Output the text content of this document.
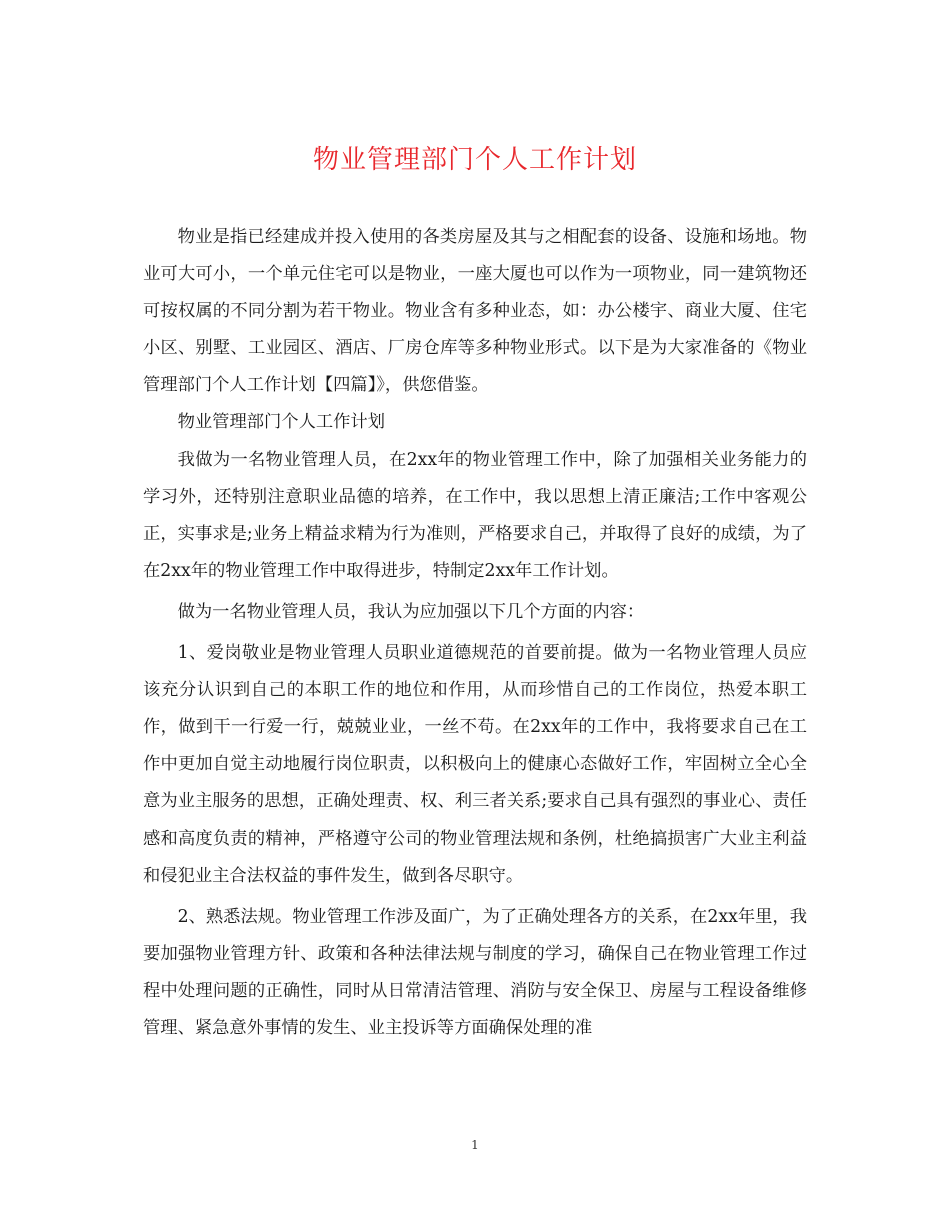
物业管理部门个人工作计划

物业是指已经建成并投入使用的各类房屋及其与之相配套的设备、设施和场地。物业可大可小，一个单元住宅可以是物业，一座大厦也可以作为一项物业，同一建筑物还可按权属的不同分割为若干物业。物业含有多种业态，如：办公楼宇、商业大厦、住宅小区、别墅、工业园区、酒店、厂房仓库等多种物业形式。以下是为大家准备的《物业管理部门个人工作计划【四篇】》，供您借鉴。

物业管理部门个人工作计划

我做为一名物业管理人员，在2xx年的物业管理工作中，除了加强相关业务能力的学习外，还特别注意职业品德的培养，在工作中，我以思想上清正廉洁;工作中客观公正，实事求是;业务上精益求精为行为准则，严格要求自己，并取得了良好的成绩，为了在2xx年的物业管理工作中取得进步，特制定2xx年工作计划。

做为一名物业管理人员，我认为应加强以下几个方面的内容：

1、爱岗敬业是物业管理人员职业道德规范的首要前提。做为一名物业管理人员应该充分认识到自己的本职工作的地位和作用，从而珍惜自己的工作岗位，热爱本职工作，做到干一行爱一行，兢兢业业，一丝不苟。在2xx年的工作中，我将要求自己在工作中更加自觉主动地履行岗位职责，以积极向上的健康心态做好工作，牢固树立全心全意为业主服务的思想，正确处理责、权、利三者关系;要求自己具有强烈的事业心、责任感和高度负责的精神，严格遵守公司的物业管理法规和条例，杜绝搞损害广大业主利益和侵犯业主合法权益的事件发生，做到各尽职守。

2、熟悉法规。物业管理工作涉及面广，为了正确处理各方的关系，在2xx年里，我要加强物业管理方针、政策和各种法律法规与制度的学习，确保自己在物业管理工作过程中处理问题的正确性，同时从日常清洁管理、消防与安全保卫、房屋与工程设备维修管理、紧急意外事情的发生、业主投诉等方面确保处理的准

1
